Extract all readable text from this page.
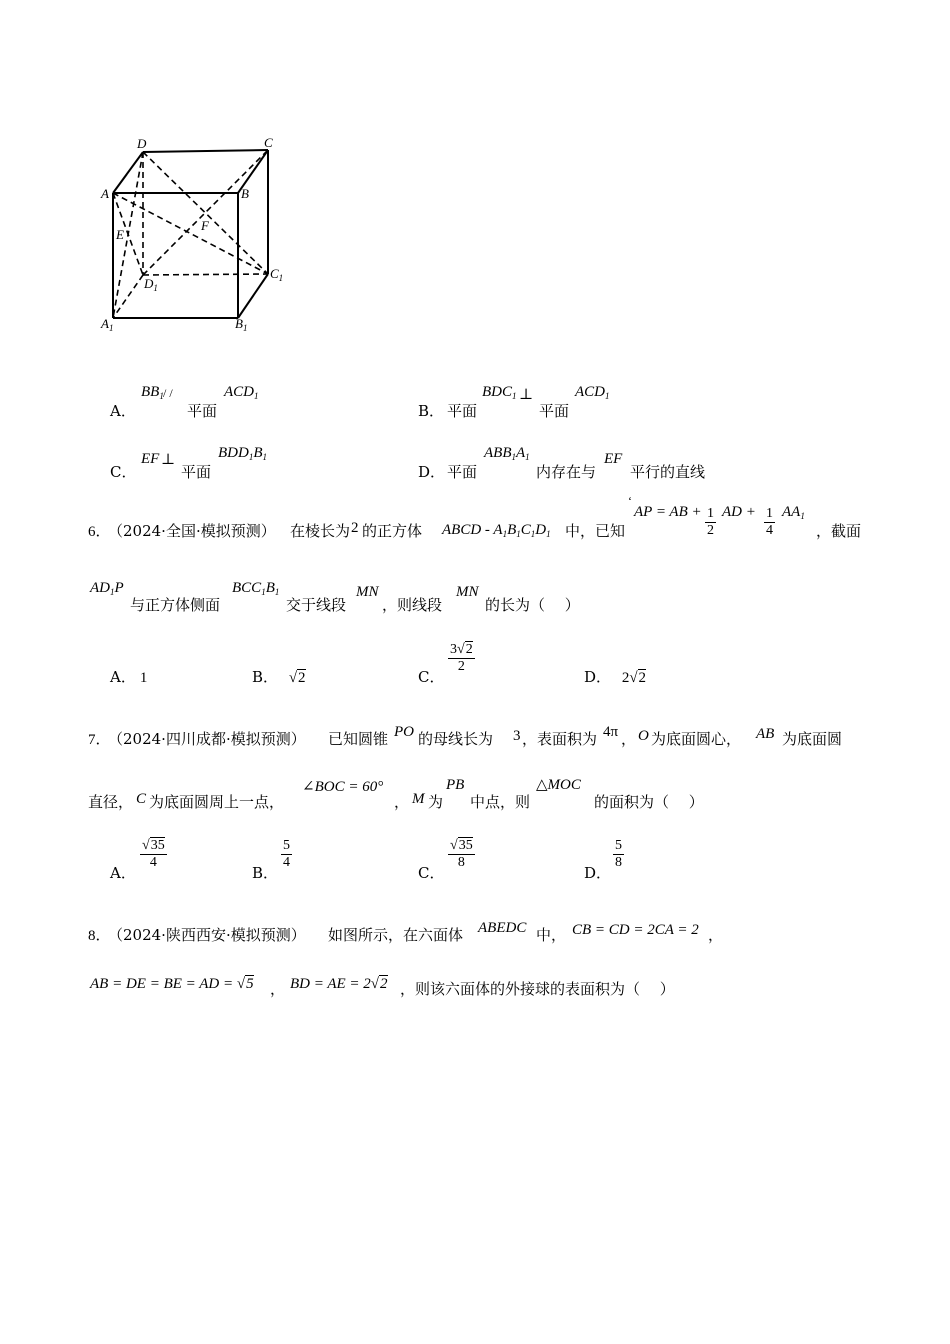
D	C
A	B
E
F
$D_1$
$C_1$
$A_1$	$B_1$
A．
$BB_1$ / /
平面
$ACD_1$
B． 平面
$BDC_1$ ⊥
平面
$ACD_1$
C．
EF ⊥
平面
$BDD_1B_1$
D． 平面
$ABB_1A_1$
内存在与
EF
平行的直线
6．
（2024·全国·模拟预测） 在棱长为 2 的正方体 ABCD - $A_1B_1C_1D_1$ 中，已知
ʻ
AP = AB + $\frac{1}{2}$ AD + $\frac{1}{4} AA_1$
，截面
$AD_1P$
与正方体侧面
$BCC_1B_1$
交于线段
MN
，则线段
MN
的长为（　 ）
A． 1	B． √2	C．
$\frac{3√2}{2}$
D． 2√2
7．
（2024·四川成都·模拟预测） 已知圆锥 PO 的母线长为 3 ，表面积为 4π ， O 为底面圆心， AB 为底面圆
直径， C 为底面圆周上一点，
∠BOC = 60°
， M 为
PB
中点，则
△MOC
的面积为（　 ）
A．
$\frac{√35}{4}$
B．
$\frac{5}{4}$
C．
$\frac{√35}{8}$
D．
$\frac{5}{8}$
8．
（2024·陕西西安·模拟预测） 如图所示，在六面体 ABEDC 中， CB = CD = 2CA = 2 ，
AB = DE = BE = AD = √5 ， BD = AE = 2√2 ，则该六面体的外接球的表面积为（　 ）
